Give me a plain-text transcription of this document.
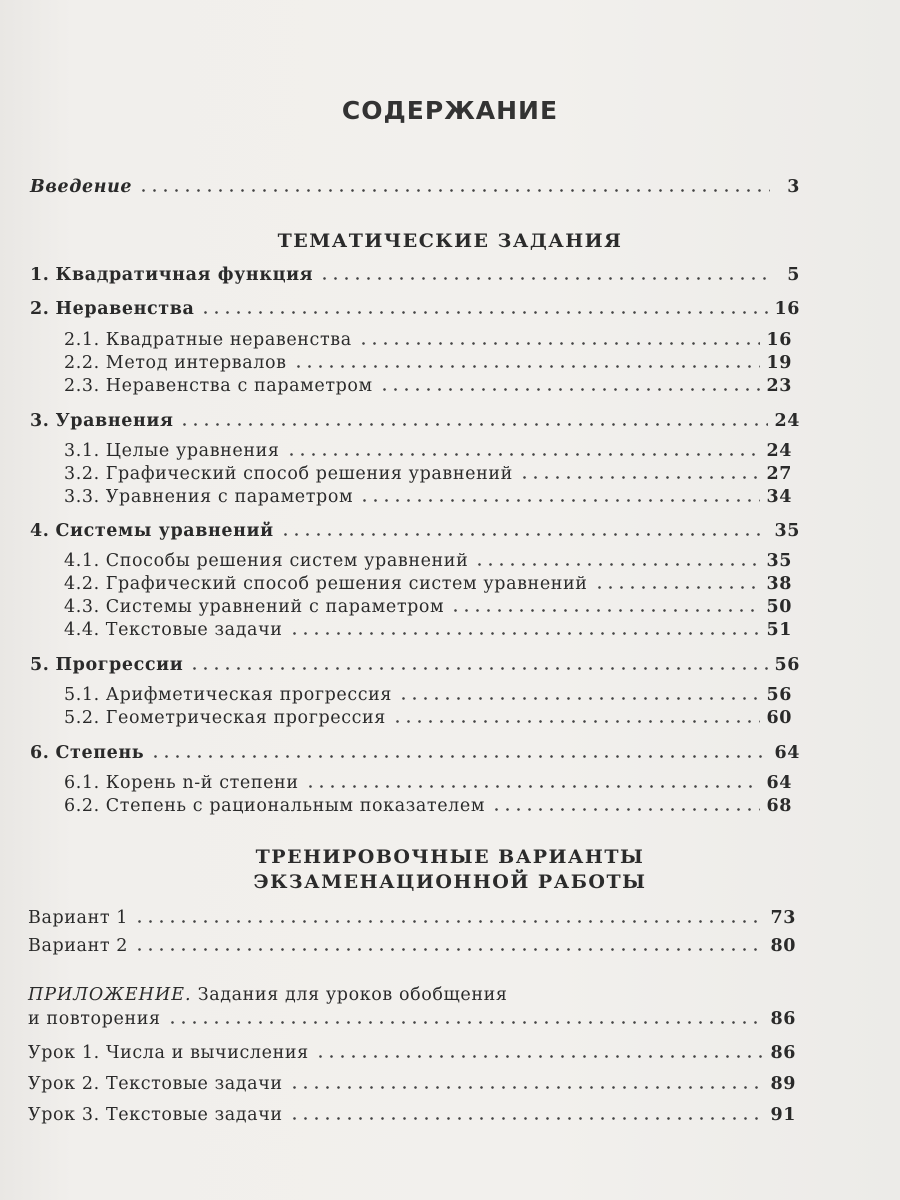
СОДЕРЖАНИЕ
Введение	3
ТЕМАТИЧЕСКИЕ ЗАДАНИЯ
1. Квадратичная функция	5
2. Неравенства	16
2.1. Квадратные неравенства	16
2.2. Метод интервалов	19
2.3. Неравенства с параметром	23
3. Уравнения	24
3.1. Целые уравнения	24
3.2. Графический способ решения уравнений	27
3.3. Уравнения с параметром	34
4. Системы уравнений	35
4.1. Способы решения систем уравнений	35
4.2. Графический способ решения систем уравнений	38
4.3. Системы уравнений с параметром	50
4.4. Текстовые задачи	51
5. Прогрессии	56
5.1. Арифметическая прогрессия	56
5.2. Геометрическая прогрессия	60
6. Степень	64
6.1. Корень n-й степени	64
6.2. Степень с рациональным показателем	68
ТРЕНИРОВОЧНЫЕ ВАРИАНТЫ
ЭКЗАМЕНАЦИОННОЙ РАБОТЫ
Вариант 1	73
Вариант 2	80
ПРИЛОЖЕНИЕ. Задания для уроков обобщения
и повторения	86
Урок 1. Числа и вычисления	86
Урок 2. Текстовые задачи	89
Урок 3. Текстовые задачи	91
